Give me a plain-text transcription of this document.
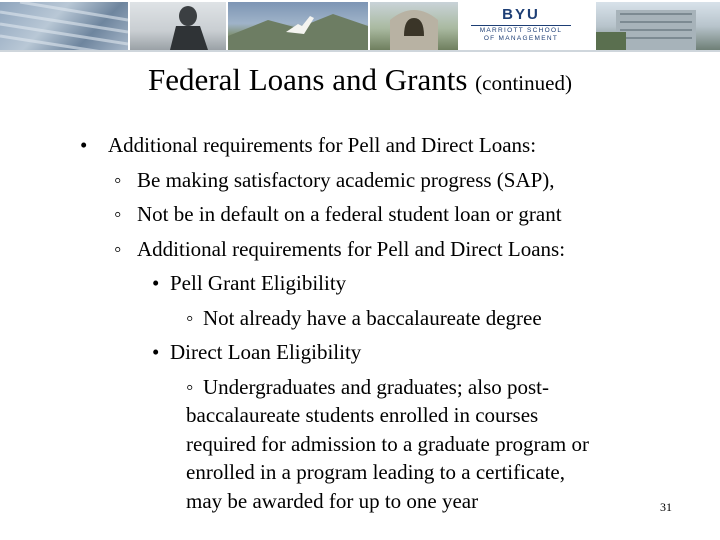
BYU
MARRIOTT SCHOOL
OF MANAGEMENT
Federal Loans and Grants (continued)
• Additional requirements for Pell and Direct Loans:
◦ Be making satisfactory academic progress (SAP),
◦ Not be in default on a federal student loan or grant
◦ Additional requirements for Pell and Direct Loans:
• Pell Grant Eligibility
◦ Not already have a baccalaureate degree
• Direct Loan Eligibility
◦ Undergraduates and graduates; also post-
baccalaureate students enrolled in courses
required for admission to a graduate program or
enrolled in a program leading to a certificate,
may be awarded for up to one year	31
